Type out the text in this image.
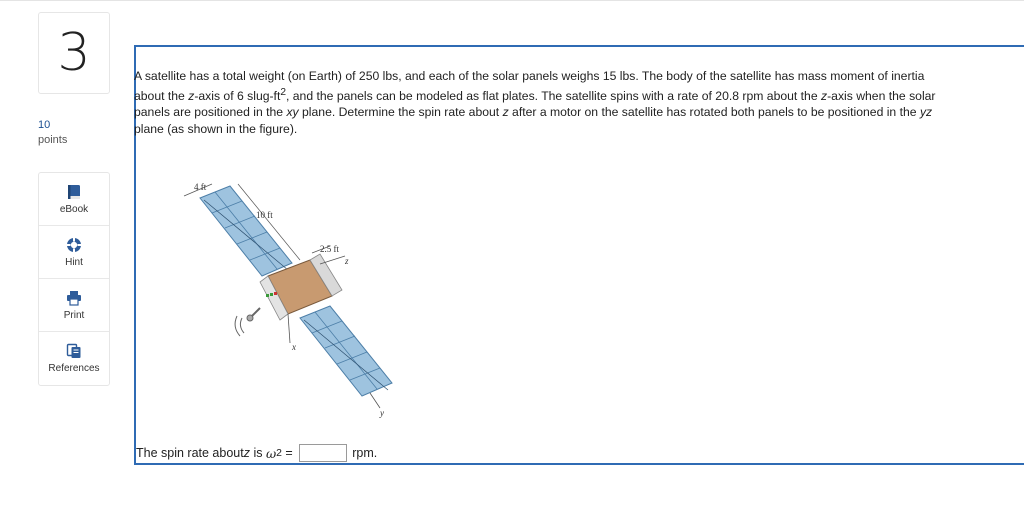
3
10
points
eBook
Hint
Print
References
A satellite has a total weight (on Earth) of 250 lbs, and each of the solar panels weighs 15 lbs. The body of the satellite has mass moment of inertia about the z-axis of 6 slug-$ft^2$, and the panels can be modeled as flat plates. The satellite spins with a rate of 20.8 rpm about the z-axis when the solar panels are positioned in the xy plane. Determine the spin rate about z after a motor on the satellite has rotated both panels to be positioned in the yz plane (as shown in the figure).
4 ft
10 ft
2.5 ft
z
x
y
The spin rate about z is ω 2 =	rpm.
